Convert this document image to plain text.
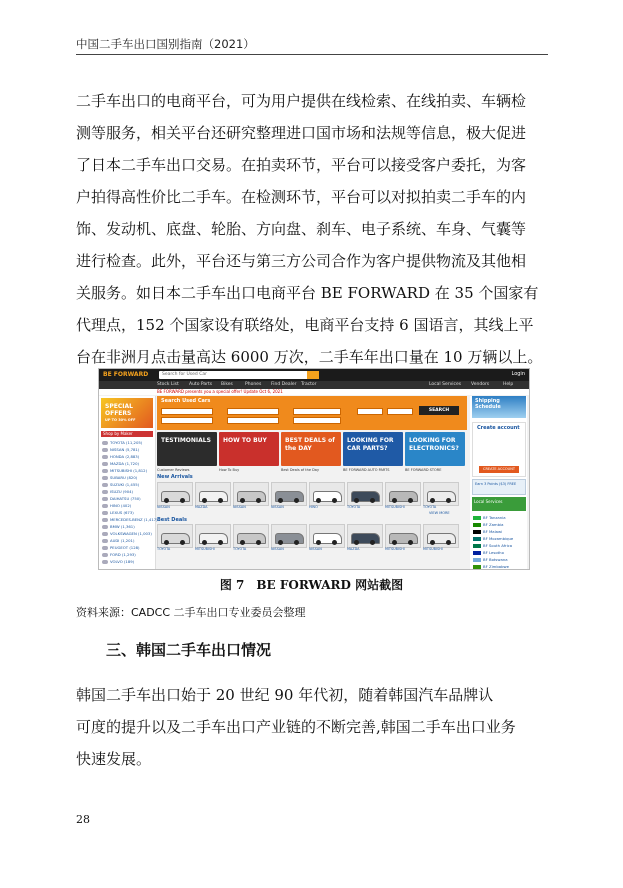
中国二手车出口国别指南（2021）
二手车出口的电商平台，可为用户提供在线检索、在线拍卖、车辆检
测等服务，相关平台还研究整理进口国市场和法规等信息，极大促进
了日本二手车出口交易。在拍卖环节，平台可以接受客户委托，为客
户拍得高性价比二手车。在检测环节，平台可以对拟拍卖二手车的内
饰、发动机、底盘、轮胎、方向盘、刹车、电子系统、车身、气囊等
进行检查。此外，平台还与第三方公司合作为客户提供物流及其他相
关服务。如日本二手车出口电商平台 BE FORWARD 在 35 个国家有
代理点，152 个国家设有联络处，电商平台支持 6 国语言，其线上平
台在非洲月点击量高达 6000 万次，二手车年出口量在 10 万辆以上。
BE FORWARD	Search for Used Car	Login
Stock List Auto Parts Bikes	Phones Find Dealer Tractor	Local Services Vendors	Help
BE FORWARD presents you a special offer! Update Oct 6, 2021
SPECIAL
OFFERS
UP TO 30% OFF
Shop by Maker
TOYOTA (11,205)
NISSAN (5,781)
HONDA (2,883)
MAZDA (1,720)
MITSUBISHI (1,812)
SUBARU (820)
SUZUKI (1,455)
ISUZU (904)
DAIHATSU (750)
HINO (402)
LEXUS (673)
MERCEDES-BENZ (1,417)
BMW (1,361)
VOLKSWAGEN (1,003)
AUDI (1,201)
PEUGEOT (128)
FORD (1,293)
VOLVO (189)
Search Used Cars
SEARCH
TESTIMONIALS
Customer Reviews
HOW TO BUY
How To Buy
BEST DEALS of the DAY
Best Deals of the Day
LOOKING FOR CAR PARTS?
BE FORWARD AUTO PARTS
LOOKING FOR ELECTRONICS?
BE FORWARD STORE
New Arrivals
NISSAN	MAZDA	NISSAN	NISSAN	HINO	TOYOTA	MITSUBISHI	TOYOTA
VIEW MORE
Best Deals
TOYOTA	MITSUBISHI	TOYOTA	NISSAN	NISSAN	MAZDA	MITSUBISHI	MITSUBISHI
Shipping Schedule
Create account
CREATE ACCOUNT
Earn 3 Points ($3) FREE
Local Services
BF Tanzania
BF Zambia
BF Malawi
BF Mozambique
BF South Africa
BF Lesotho
BF Botswana
BF Zimbabwe
图 7　BE FORWARD 网站截图
资料来源：CADCC 二手车出口专业委员会整理
三、韩国二手车出口情况
韩国二手车出口始于 20 世纪 90 年代初，随着韩国汽车品牌认
可度的提升以及二手车出口产业链的不断完善,韩国二手车出口业务
快速发展。
28
